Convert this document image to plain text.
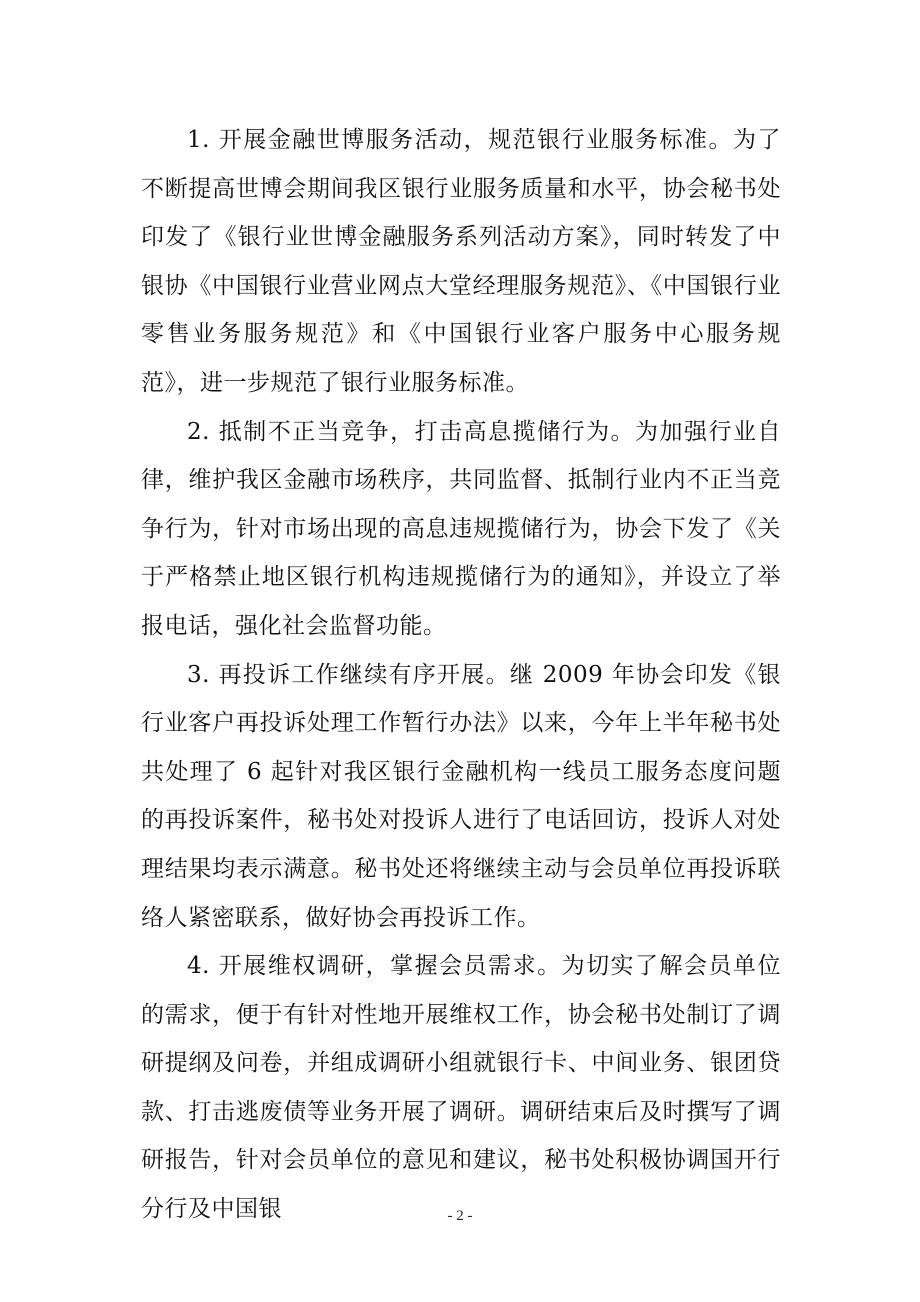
1. 开展金融世博服务活动，规范银行业服务标准。为了不断提高世博会期间我区银行业服务质量和水平，协会秘书处印发了《银行业世博金融服务系列活动方案》，同时转发了中银协《中国银行业营业网点大堂经理服务规范》、《中国银行业零售业务服务规范》和《中国银行业客户服务中心服务规范》，进一步规范了银行业服务标准。

2. 抵制不正当竞争，打击高息揽储行为。为加强行业自律，维护我区金融市场秩序，共同监督、抵制行业内不正当竞争行为，针对市场出现的高息违规揽储行为，协会下发了《关于严格禁止地区银行机构违规揽储行为的通知》，并设立了举报电话，强化社会监督功能。

3. 再投诉工作继续有序开展。继 2009 年协会印发《银行业客户再投诉处理工作暂行办法》以来，今年上半年秘书处共处理了 6 起针对我区银行金融机构一线员工服务态度问题的再投诉案件，秘书处对投诉人进行了电话回访，投诉人对处理结果均表示满意。秘书处还将继续主动与会员单位再投诉联络人紧密联系，做好协会再投诉工作。

4. 开展维权调研，掌握会员需求。为切实了解会员单位的需求，便于有针对性地开展维权工作，协会秘书处制订了调研提纲及问卷，并组成调研小组就银行卡、中间业务、银团贷款、打击逃废债等业务开展了调研。调研结束后及时撰写了调研报告，针对会员单位的意见和建议，秘书处积极协调国开行分行及中国银	- 2 -
